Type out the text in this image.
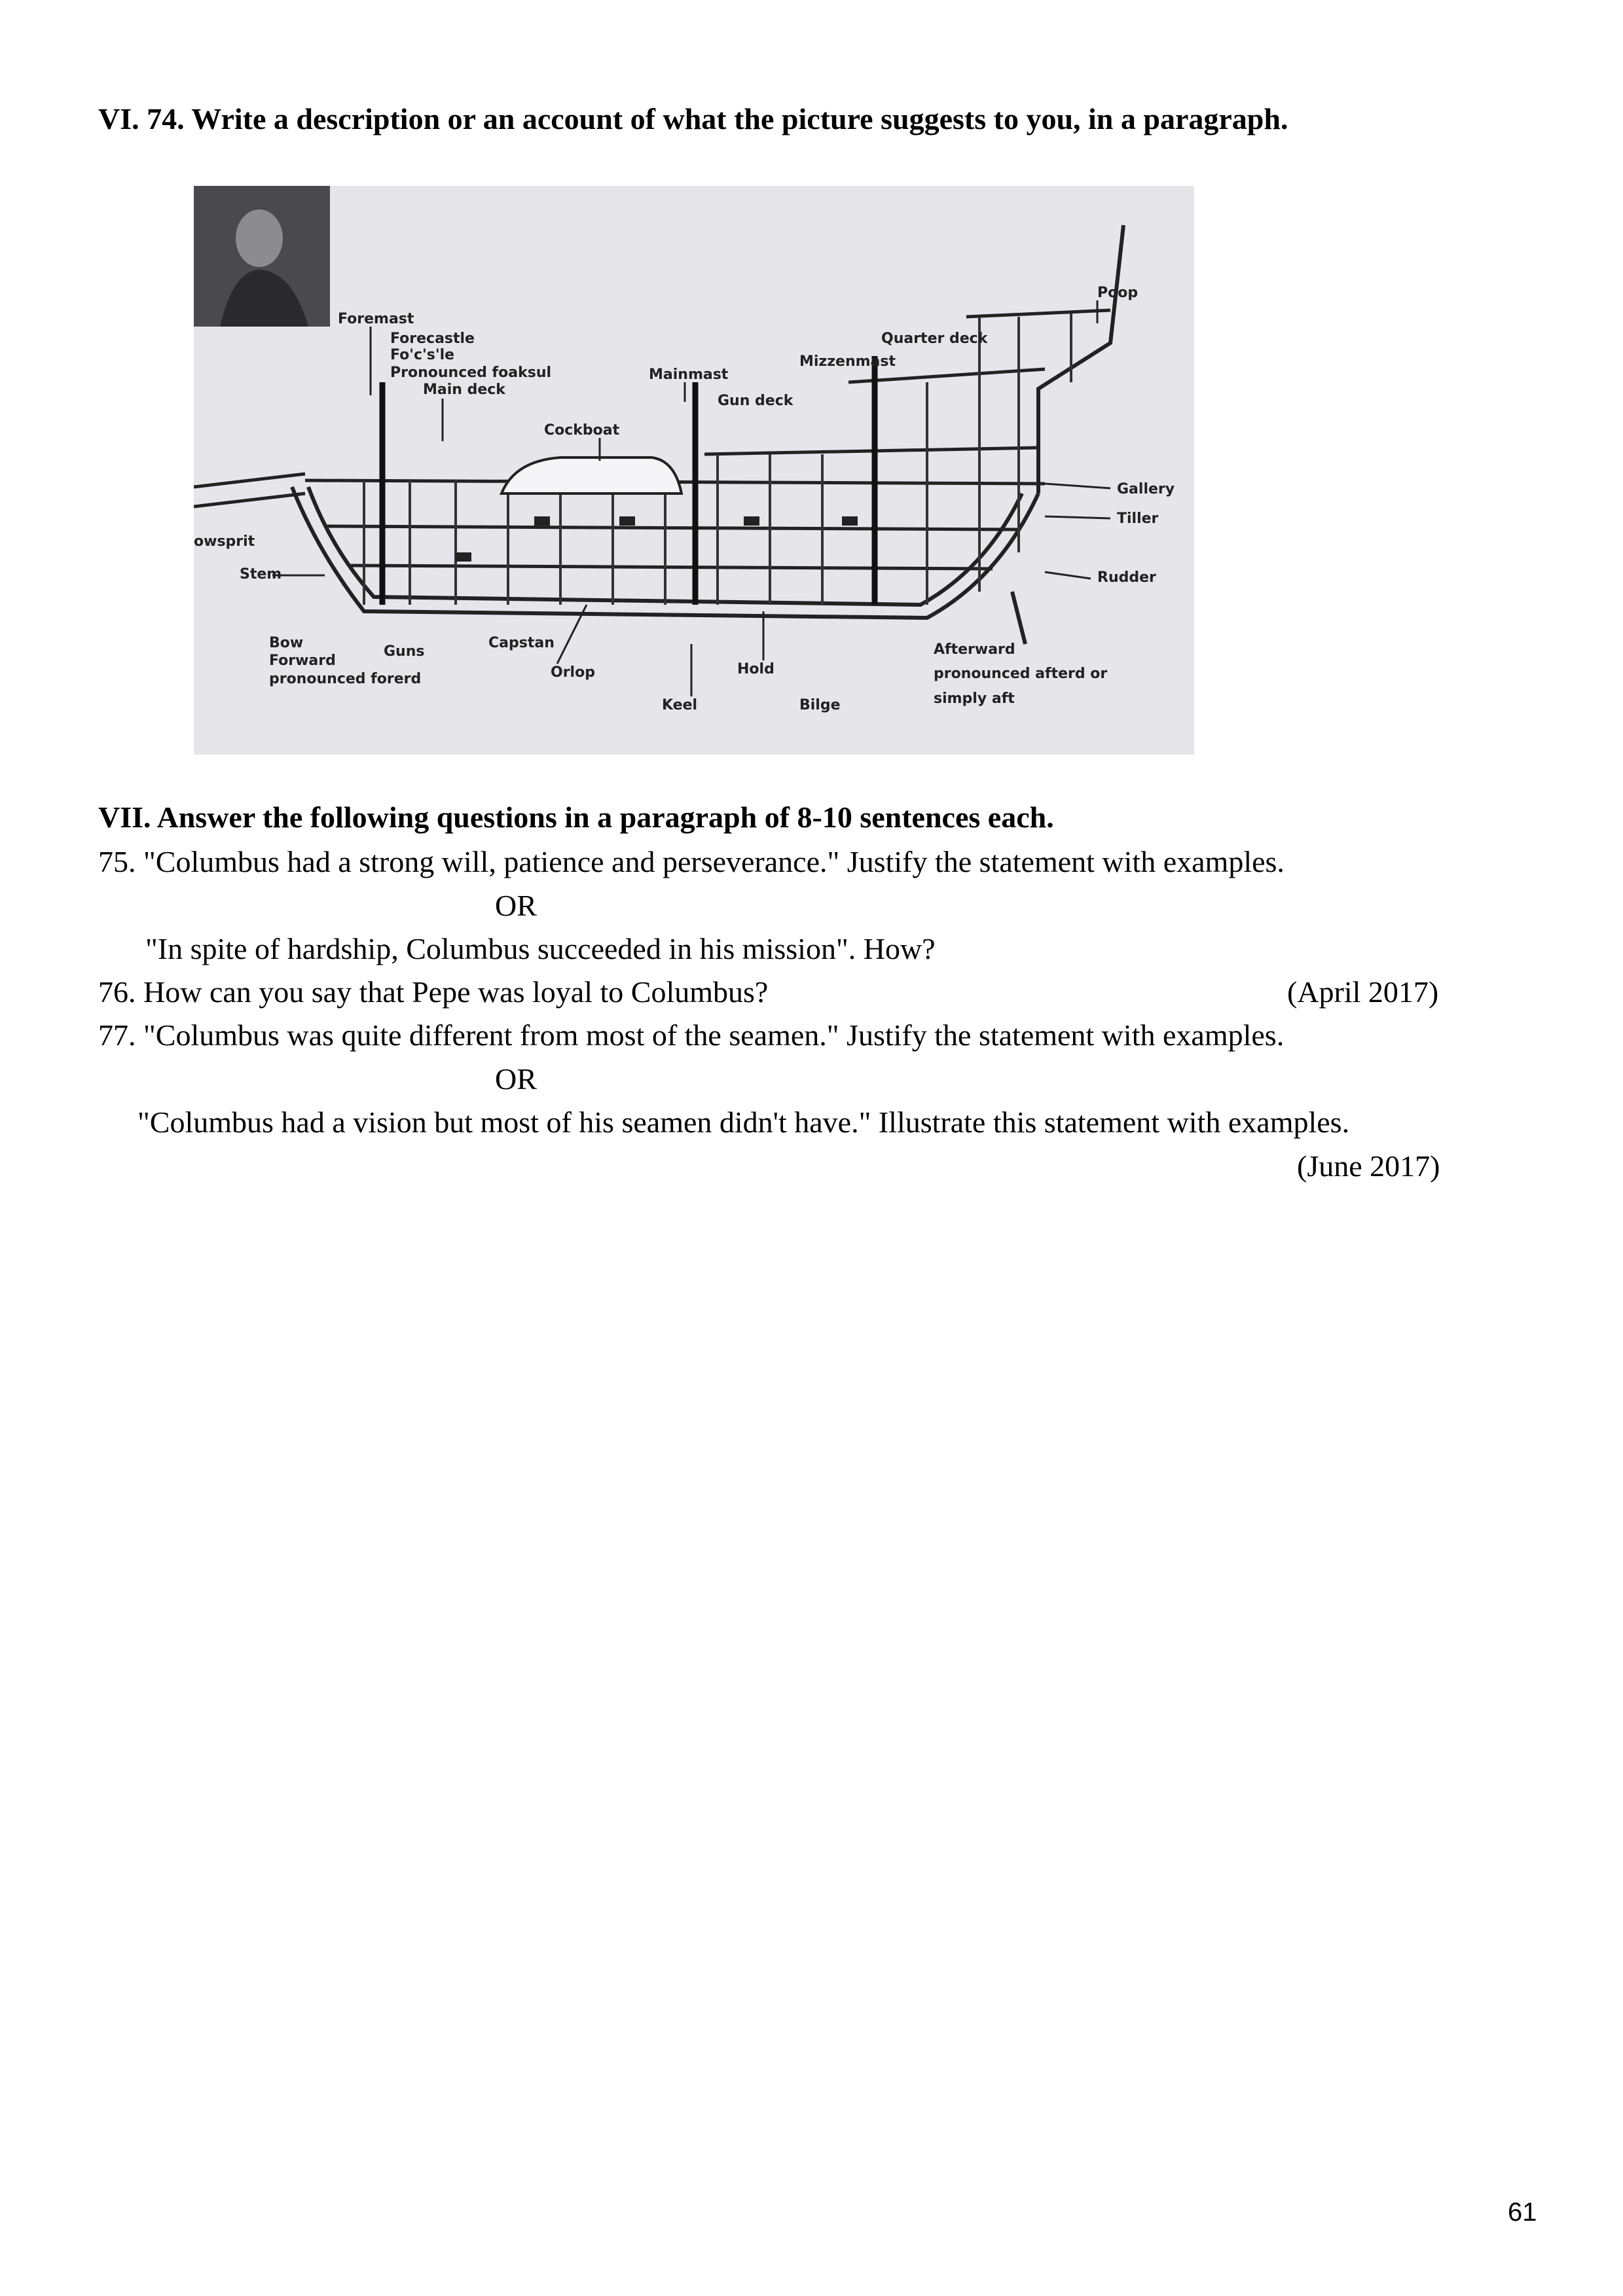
VI. 74. Write a description or an account of what the picture suggests to you, in a paragraph.
Foremast
Forecastle
Fo'c's'le
Pronounced foaksul
Main deck
Cockboat
Mainmast
Mizzenmast
Gun deck
Quarter deck
Poop
Gallery
Tiller
Rudder
owsprit
Stem
Bow
Forward
pronounced forerd
Guns
Capstan
Orlop
Keel
Hold
Bilge
Afterward
pronounced afterd or
simply aft
VII. Answer the following questions in a paragraph of 8-10 sentences each.
75. "Columbus had a strong will, patience and perseverance." Justify the statement with examples.
OR
"In spite of hardship, Columbus succeeded in his mission". How?
76. How can you say that Pepe was loyal to Columbus?	(April 2017)
77. "Columbus was quite different from most of the seamen." Justify the statement with examples.
OR
"Columbus had a vision but most of his seamen didn't have." Illustrate this statement with examples.
(June 2017)
61
